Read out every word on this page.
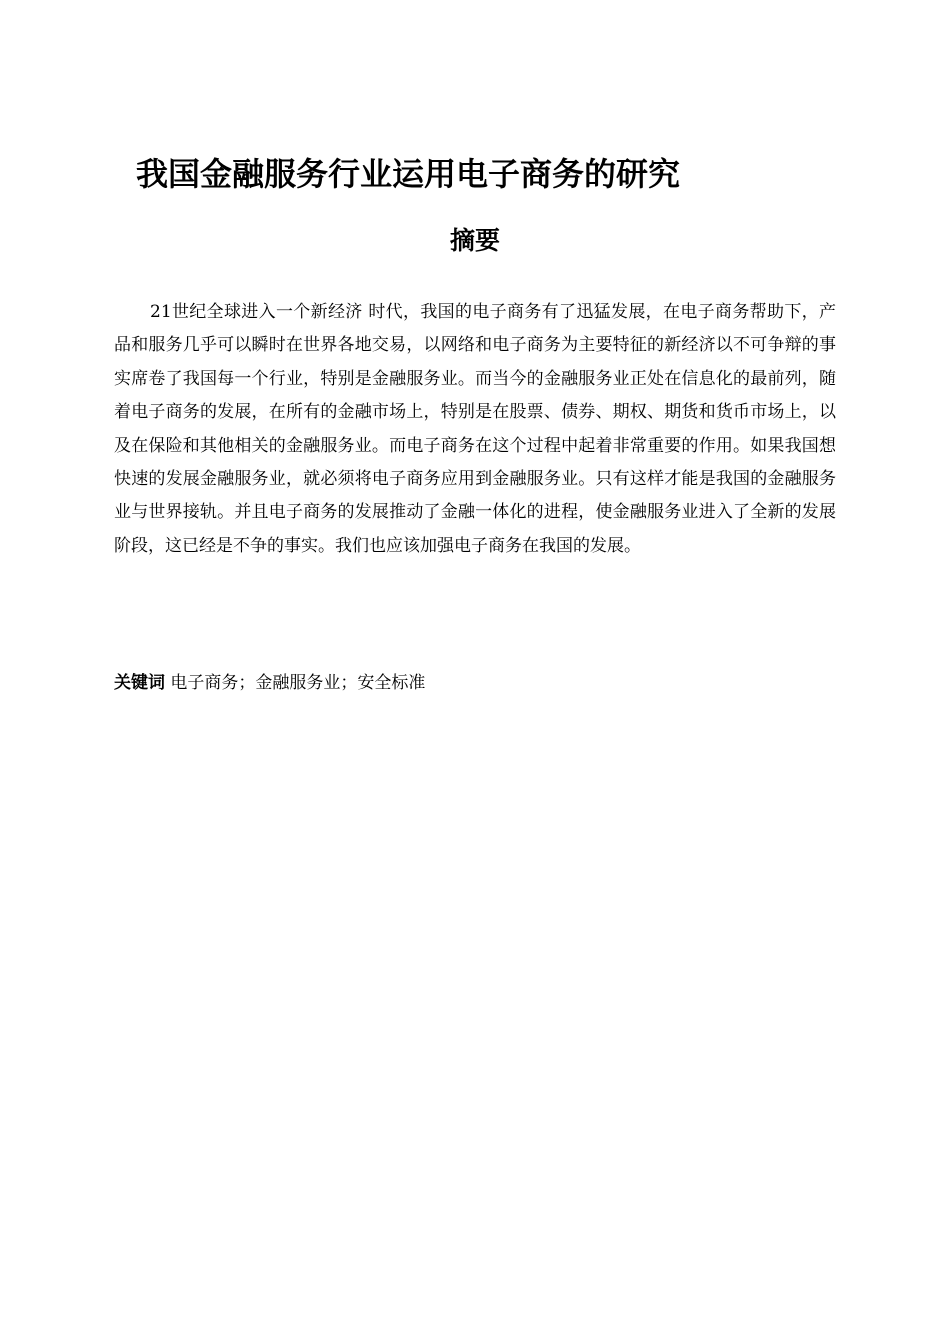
我国金融服务行业运用电子商务的研究
摘要

21世纪全球进入一个新经济 时代，我国的电子商务有了迅猛发展，在电子商务帮助下，产品和服务几乎可以瞬时在世界各地交易，以网络和电子商务为主要特征的新经济以不可争辩的事实席卷了我国每一个行业，特别是金融服务业。而当今的金融服务业正处在信息化的最前列，随着电子商务的发展，在所有的金融市场上，特别是在股票、债券、期权、期货和货币市场上，以及在保险和其他相关的金融服务业。而电子商务在这个过程中起着非常重要的作用。如果我国想快速的发展金融服务业，就必须将电子商务应用到金融服务业。只有这样才能是我国的金融服务业与世界接轨。并且电子商务的发展推动了金融一体化的进程，使金融服务业进入了全新的发展阶段，这已经是不争的事实。我们也应该加强电子商务在我国的发展。

关键词 电子商务；金融服务业；安全标准
